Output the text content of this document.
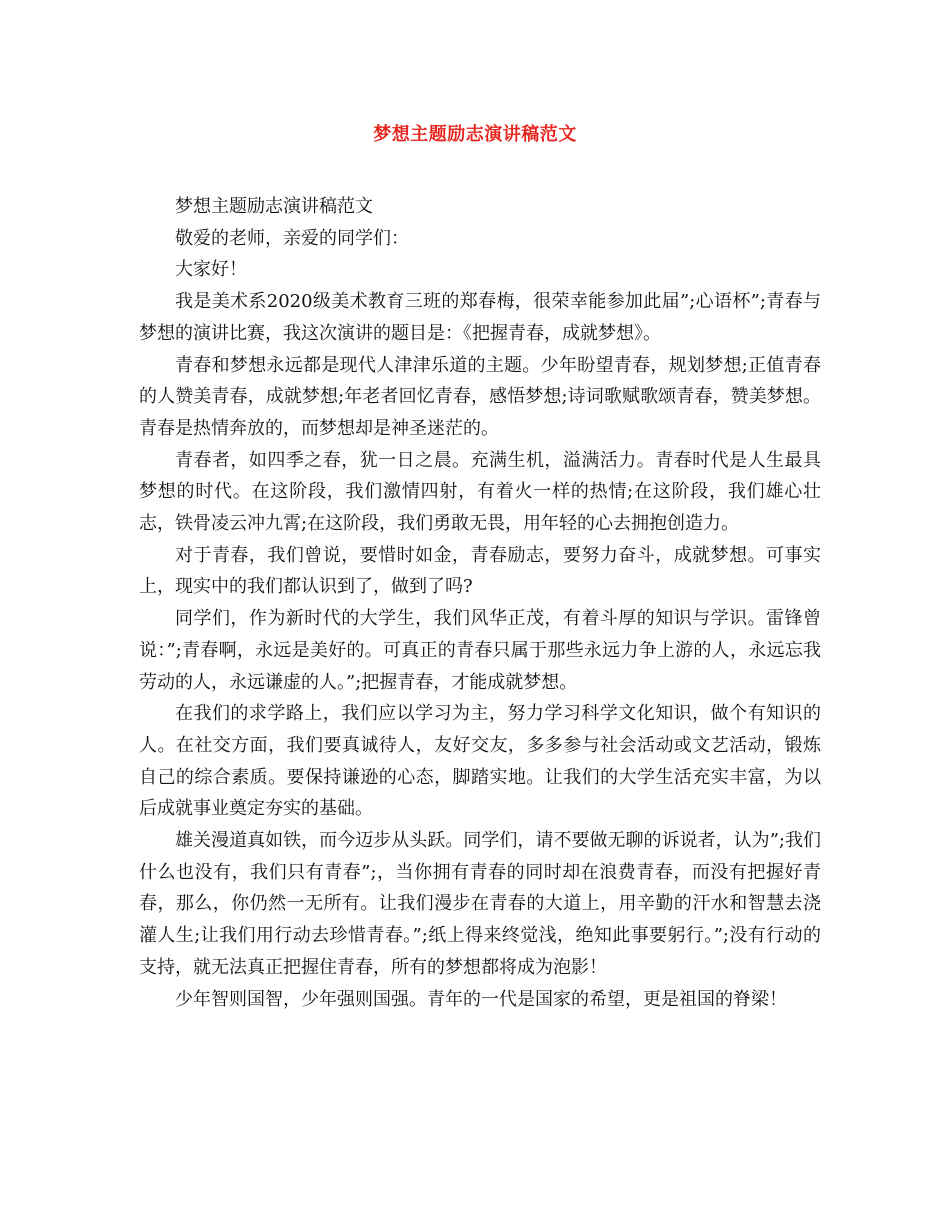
梦想主题励志演讲稿范文

梦想主题励志演讲稿范文

敬爱的老师，亲爱的同学们：

大家好！

我是美术系2020级美术教育三班的郑春梅，很荣幸能参加此届”;心语杯”;青春与梦想的演讲比赛，我这次演讲的题目是：《把握青春，成就梦想》。

青春和梦想永远都是现代人津津乐道的主题。少年盼望青春，规划梦想;正值青春的人赞美青春，成就梦想;年老者回忆青春，感悟梦想;诗词歌赋歌颂青春，赞美梦想。青春是热情奔放的，而梦想却是神圣迷茫的。

青春者，如四季之春，犹一日之晨。充满生机，溢满活力。青春时代是人生最具梦想的时代。在这阶段，我们激情四射，有着火一样的热情;在这阶段，我们雄心壮志，铁骨凌云冲九霄;在这阶段，我们勇敢无畏，用年轻的心去拥抱创造力。

对于青春，我们曾说，要惜时如金，青春励志，要努力奋斗，成就梦想。可事实上，现实中的我们都认识到了，做到了吗?

同学们，作为新时代的大学生，我们风华正茂，有着斗厚的知识与学识。雷锋曾说：”;青春啊，永远是美好的。可真正的青春只属于那些永远力争上游的人，永远忘我劳动的人，永远谦虚的人。”;把握青春，才能成就梦想。

在我们的求学路上，我们应以学习为主，努力学习科学文化知识，做个有知识的人。在社交方面，我们要真诚待人，友好交友，多多参与社会活动或文艺活动，锻炼自己的综合素质。要保持谦逊的心态，脚踏实地。让我们的大学生活充实丰富，为以后成就事业奠定夯实的基础。

雄关漫道真如铁，而今迈步从头跃。同学们，请不要做无聊的诉说者，认为”;我们什么也没有，我们只有青春”;，当你拥有青春的同时却在浪费青春，而没有把握好青春，那么，你仍然一无所有。让我们漫步在青春的大道上，用辛勤的汗水和智慧去浇灌人生;让我们用行动去珍惜青春。”;纸上得来终觉浅，绝知此事要躬行。”;没有行动的支持，就无法真正把握住青春，所有的梦想都将成为泡影！

少年智则国智，少年强则国强。青年的一代是国家的希望，更是祖国的脊梁！
